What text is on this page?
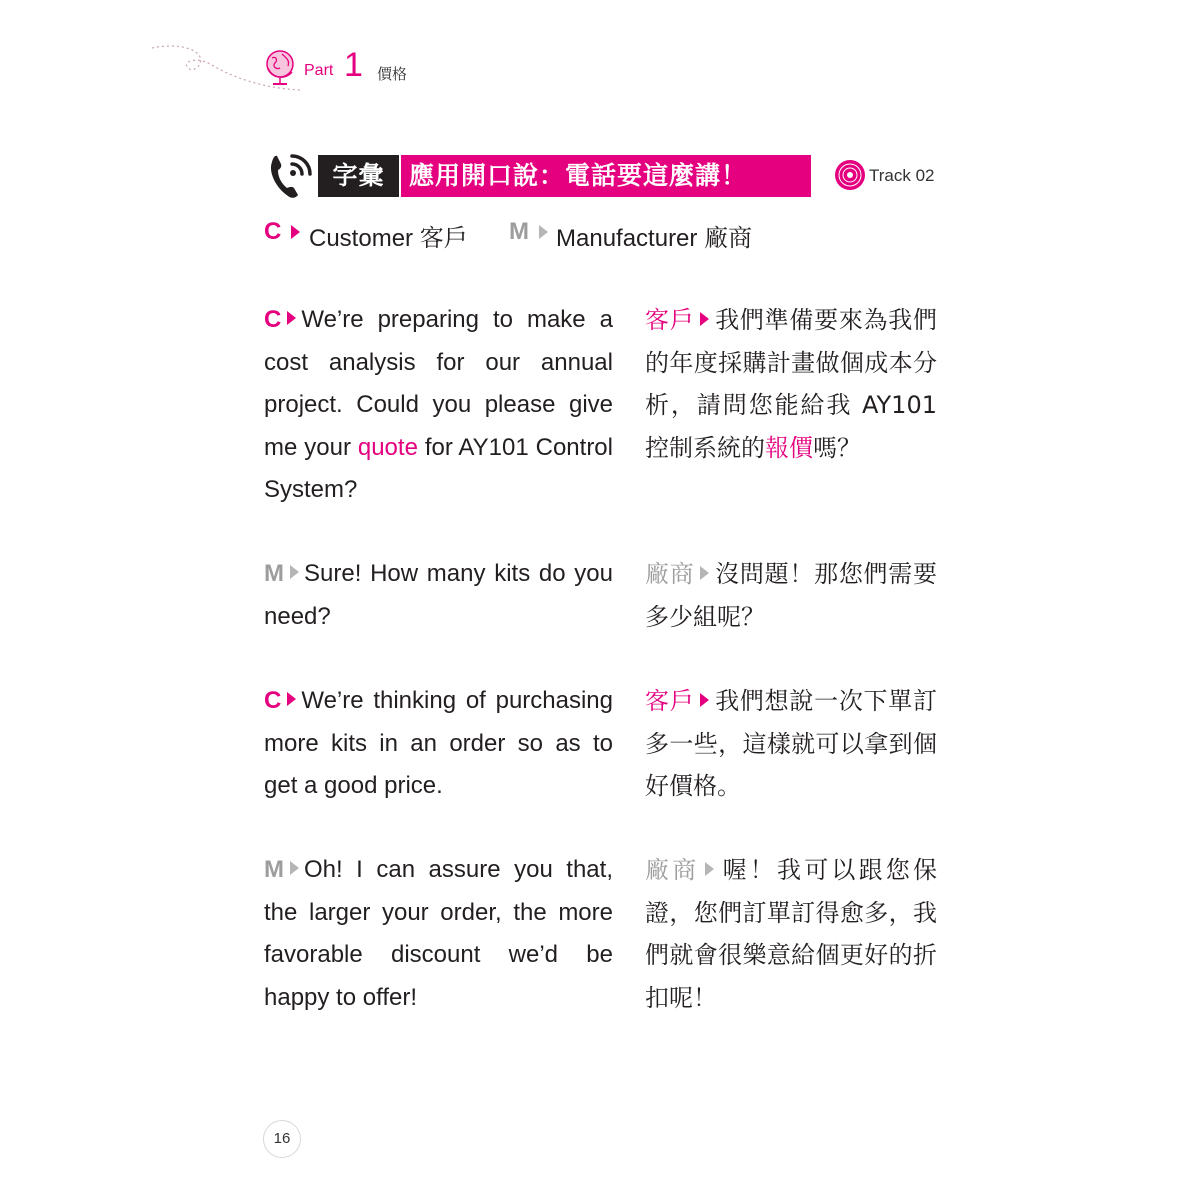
Part 1 價格
字彙 應用開口說：電話要這麼講！	Track 02
C Customer 客戶 M Manufacturer 廠商
C We’re preparing to make a cost analysis for our annual project. Could you please give me your quote for AY101 Control System?
客戶 我們準備要來為我們的年度採購計畫做個成本分析，請問您能給我 AY101 控制系統的報價嗎？
M Sure! How many kits do you need?
廠商 沒問題！那您們需要多少組呢？
C We’re thinking of purchasing more kits in an order so as to get a good price.
客戶 我們想說一次下單訂多一些，這樣就可以拿到個好價格。
M Oh! I can assure you that, the larger your order, the more favorable discount we’d be happy to offer!
廠商 喔！我可以跟您保證，您們訂單訂得愈多，我們就會很樂意給個更好的折扣呢！
16
